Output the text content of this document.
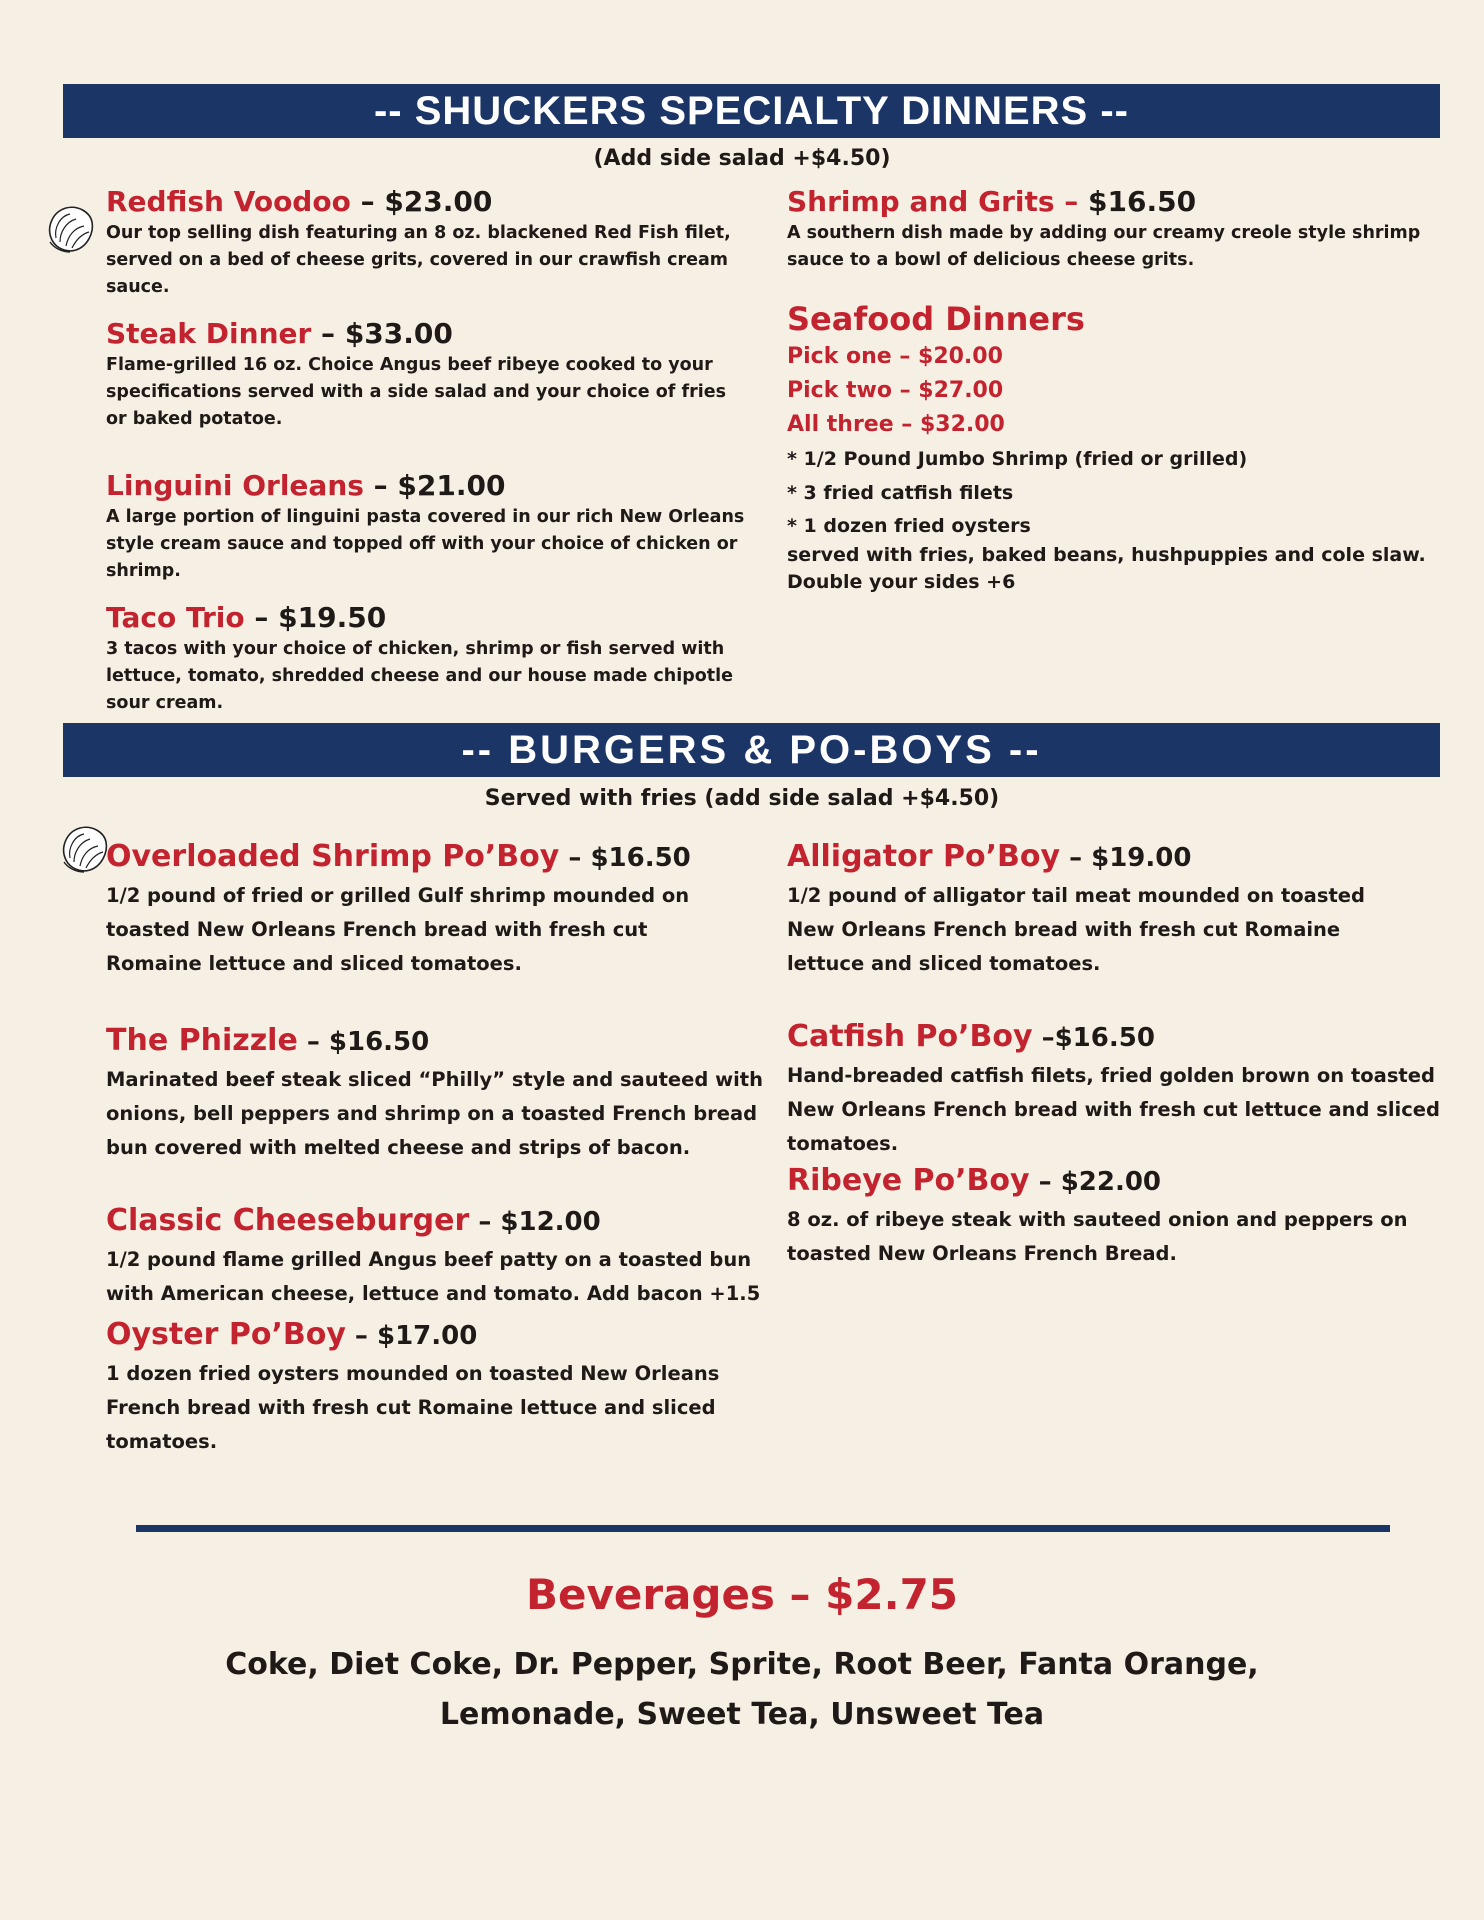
-- SHUCKERS SPECIALTY DINNERS --
(Add side salad +$4.50)
Redfish Voodoo – $23.00
Our top selling dish featuring an 8 oz. blackened Red Fish filet, served on a bed of cheese grits, covered in our crawfish cream sauce.
Steak Dinner – $33.00
Flame-grilled 16 oz. Choice Angus beef ribeye cooked to your specifications served with a side salad and your choice of fries or baked potatoe.
Linguini Orleans – $21.00
A large portion of linguini pasta covered in our rich New Orleans style cream sauce and topped off with your choice of chicken or shrimp.
Taco Trio – $19.50
3 tacos with your choice of chicken, shrimp or fish served with lettuce, tomato, shredded cheese and our house made chipotle sour cream.
Shrimp and Grits – $16.50
A southern dish made by adding our creamy creole style shrimp sauce to a bowl of delicious cheese grits.
Seafood Dinners
Pick one – $20.00
Pick two – $27.00
All three – $32.00
* 1/2 Pound Jumbo Shrimp (fried or grilled)
* 3 fried catfish filets
* 1 dozen fried oysters
served with fries, baked beans, hushpuppies and cole slaw.
Double your sides +6
-- BURGERS & PO-BOYS --
Served with fries (add side salad +$4.50)
Overloaded Shrimp Po’Boy – $16.50
1/2 pound of fried or grilled Gulf shrimp mounded on toasted New Orleans French bread with fresh cut Romaine lettuce and sliced tomatoes.
The Phizzle – $16.50
Marinated beef steak sliced “Philly” style and sauteed with onions, bell peppers and shrimp on a toasted French bread bun covered with melted cheese and strips of bacon.
Classic Cheeseburger – $12.00
1/2 pound flame grilled Angus beef patty on a toasted bun with American cheese, lettuce and tomato. Add bacon +1.5
Oyster Po’Boy – $17.00
1 dozen fried oysters mounded on toasted New Orleans French bread with fresh cut Romaine lettuce and sliced tomatoes.
Alligator Po’Boy – $19.00
1/2 pound of alligator tail meat mounded on toasted New Orleans French bread with fresh cut Romaine lettuce and sliced tomatoes.
Catfish Po’Boy –$16.50
Hand-breaded catfish filets, fried golden brown on toasted New Orleans French bread with fresh cut lettuce and sliced tomatoes.
Ribeye Po’Boy – $22.00
8 oz. of ribeye steak with sauteed onion and peppers on toasted New Orleans French Bread.
Beverages – $2.75
Coke, Diet Coke, Dr. Pepper, Sprite, Root Beer, Fanta Orange,
Lemonade, Sweet Tea, Unsweet Tea
